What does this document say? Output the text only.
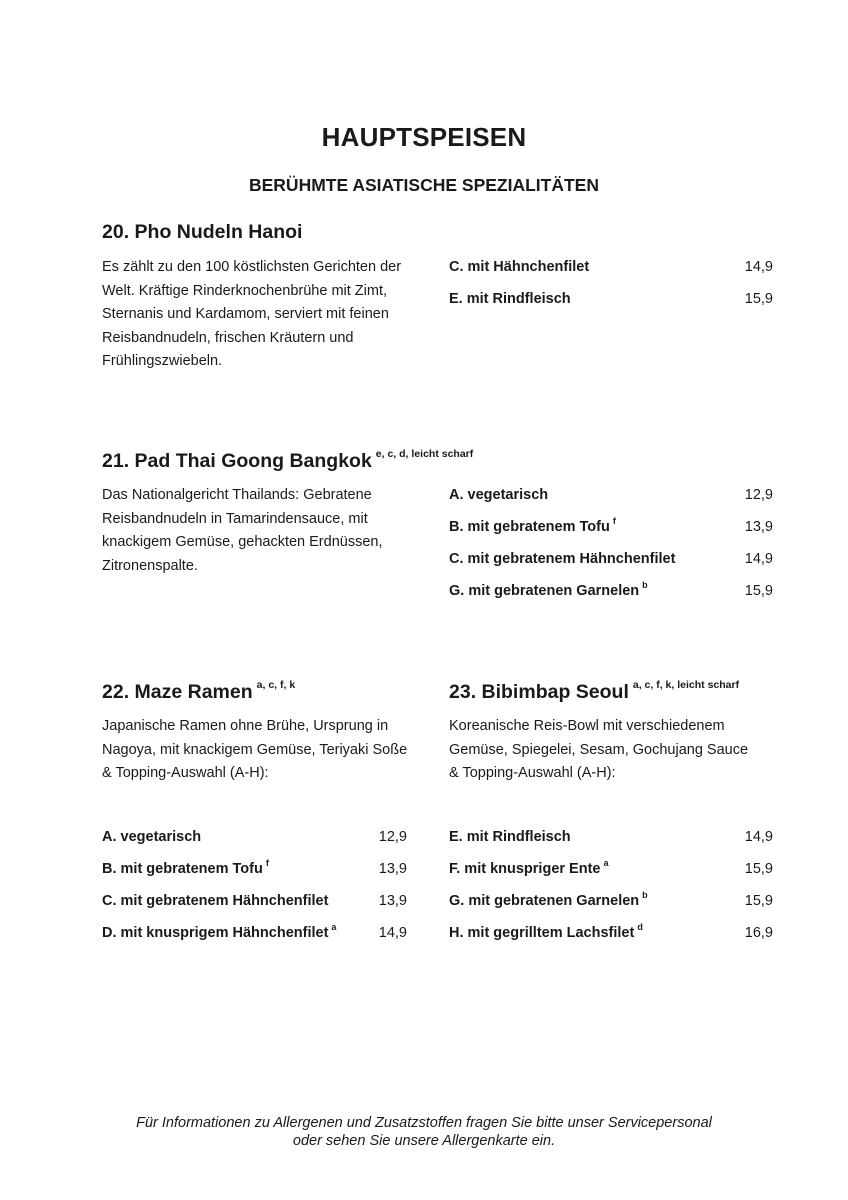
HAUPTSPEISEN
BERÜHMTE ASIATISCHE SPEZIALITÄTEN
20. Pho Nudeln Hanoi
Es zählt zu den 100 köstlichsten Gerichten der Welt. Kräftige Rinderknochenbrühe mit Zimt, Sternanis und Kardamom, serviert mit feinen Reisbandnudeln, frischen Kräutern und Frühlingszwiebeln.
C. mit Hähnchenfilet	14,9
E. mit Rindfleisch	15,9
21. Pad Thai Goong Bangkok $^{e, c, d, leicht scharf}$
Das Nationalgericht Thailands: Gebratene Reisbandnudeln in Tamarindensauce, mit knackigem Gemüse, gehackten Erdnüssen, Zitronenspalte.
A. vegetarisch	12,9
B. mit gebratenem Tofu $^f$	13,9
C. mit gebratenem Hähnchenfilet	14,9
G. mit gebratenen Garnelen $^b$	15,9
22. Maze Ramen $^{a, c, f, k}$
Japanische Ramen ohne Brühe, Ursprung in Nagoya, mit knackigem Gemüse, Teriyaki Soße & Topping-Auswahl (A-H):
23. Bibimbap Seoul $^{a, c, f, k, leicht scharf}$
Koreanische Reis-Bowl mit verschiedenem Gemüse, Spiegelei, Sesam, Gochujang Sauce & Topping-Auswahl (A-H):
A. vegetarisch	12,9
B. mit gebratenem Tofu $^f$	13,9
C. mit gebratenem Hähnchenfilet	13,9
D. mit knusprigem Hähnchenfilet $^a$	14,9
E. mit Rindfleisch	14,9
F. mit knuspriger Ente $^a$	15,9
G. mit gebratenen Garnelen $^b$	15,9
H. mit gegrilltem Lachsfilet $^d$	16,9
Für Informationen zu Allergenen und Zusatzstoffen fragen Sie bitte unser Servicepersonal
oder sehen Sie unsere Allergenkarte ein.
